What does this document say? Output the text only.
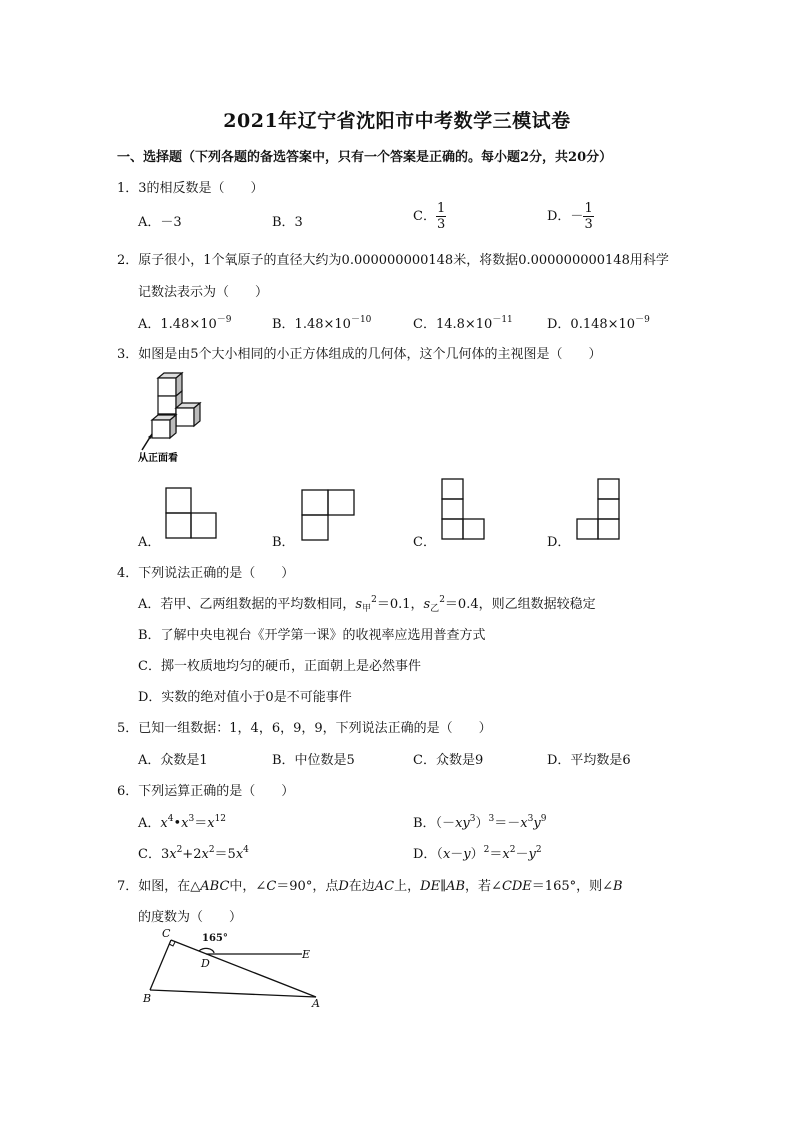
2021年辽宁省沈阳市中考数学三模试卷
一、选择题（下列各题的备选答案中，只有一个答案是正确的。每小题2分，共20分）
1．3的相反数是（　　）
A．－3	B．3	C． $\frac{1}{3}$	D．－ $\frac{1}{3}$
2．原子很小，1个氧原子的直径大约为0.000000000148米，将数据0.000000000148用科学
记数法表示为（　　）
A．$1.48\times 10^{-9}$	B．$1.48\times 10^{-10}$	C．$14.8\times 10^{-11}$	D．$0.148\times 10^{-9}$
3．如图是由5个大小相同的小正方体组成的几何体，这个几何体的主视图是（　　）
从正面看
A．	B．	C．	D．
4．下列说法正确的是（　　）
A．若甲、乙两组数据的平均数相同，$s_甲^2=0.1$，$s_乙^2=0.4$，则乙组数据较稳定
B．了解中央电视台《开学第一课》的收视率应选用普查方式
C．掷一枚质地均匀的硬币，正面朝上是必然事件
D．实数的绝对值小于0是不可能事件
5．已知一组数据：1，4，6，9，9，下列说法正确的是（　　）
A．众数是1	B．中位数是5	C．众数是9	D．平均数是6
6．下列运算正确的是（　　）
A．$x^4•x^3=x^{12}$	B．$(-xy^3)^3=-x^3y^9$
C．$3x^2+2x^2=5x^4$	D．$(x-y)^2=x^2-y^2$
7．如图，在△ABC中，∠C＝90°，点D在边AC上，DE∥AB，若∠CDE＝165°，则∠B
的度数为（　　）
C
D
E
B	A
165°
